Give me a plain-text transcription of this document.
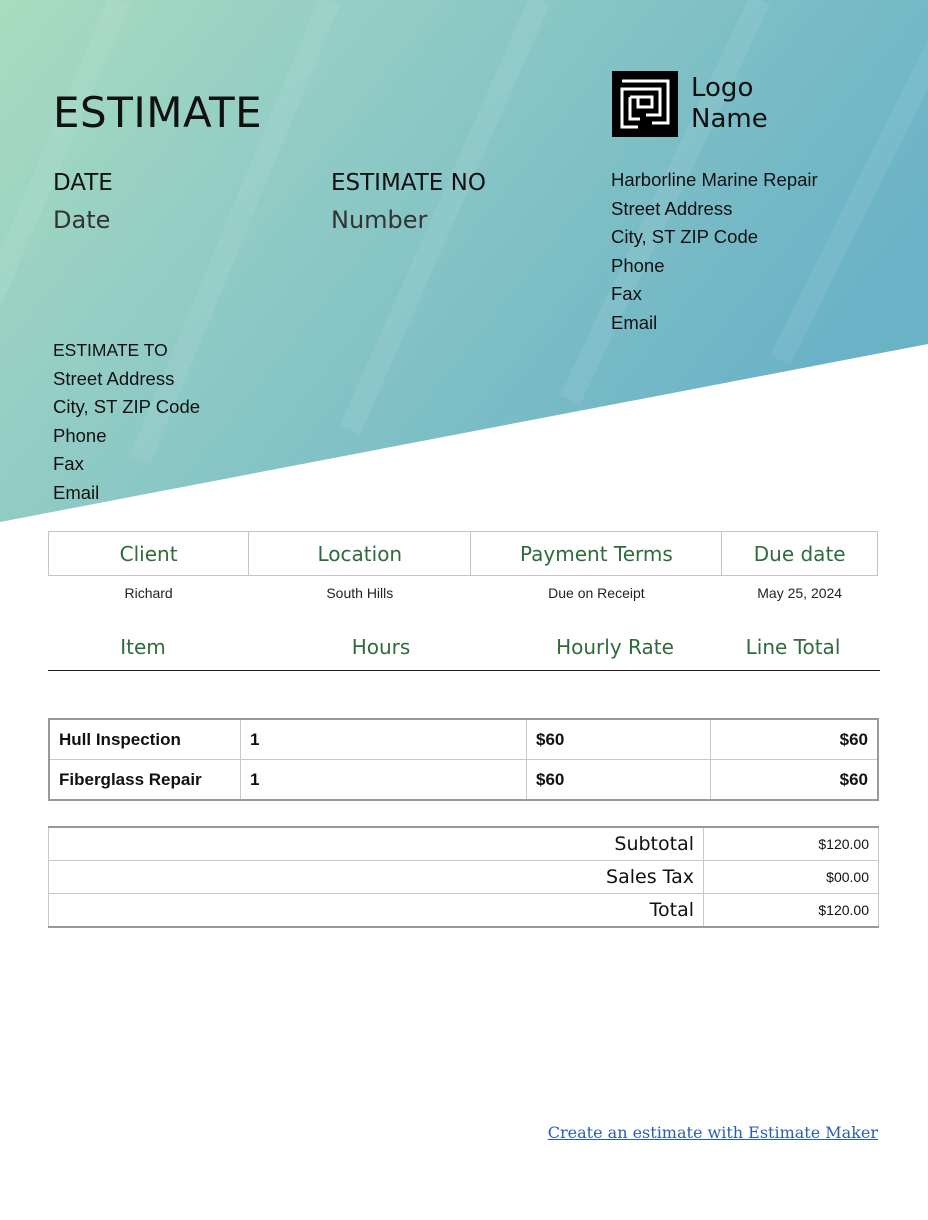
ESTIMATE
DATE
Date
ESTIMATE NO
Number
Logo
Name
Harborline Marine Repair
Street Address
City, ST ZIP Code
Phone
Fax
Email
ESTIMATE TO
Street Address
City, ST ZIP Code
Phone
Fax
Email
Client	Location	Payment Terms	Due date
Richard	South Hills	Due on Receipt	May 25, 2024
Item	Hours	Hourly Rate	Line Total
Hull Inspection	1	$60	$60
Fiberglass Repair	1	$60	$60
Subtotal	$120.00
Sales Tax	$00.00
Total	$120.00
Create an estimate with Estimate Maker
